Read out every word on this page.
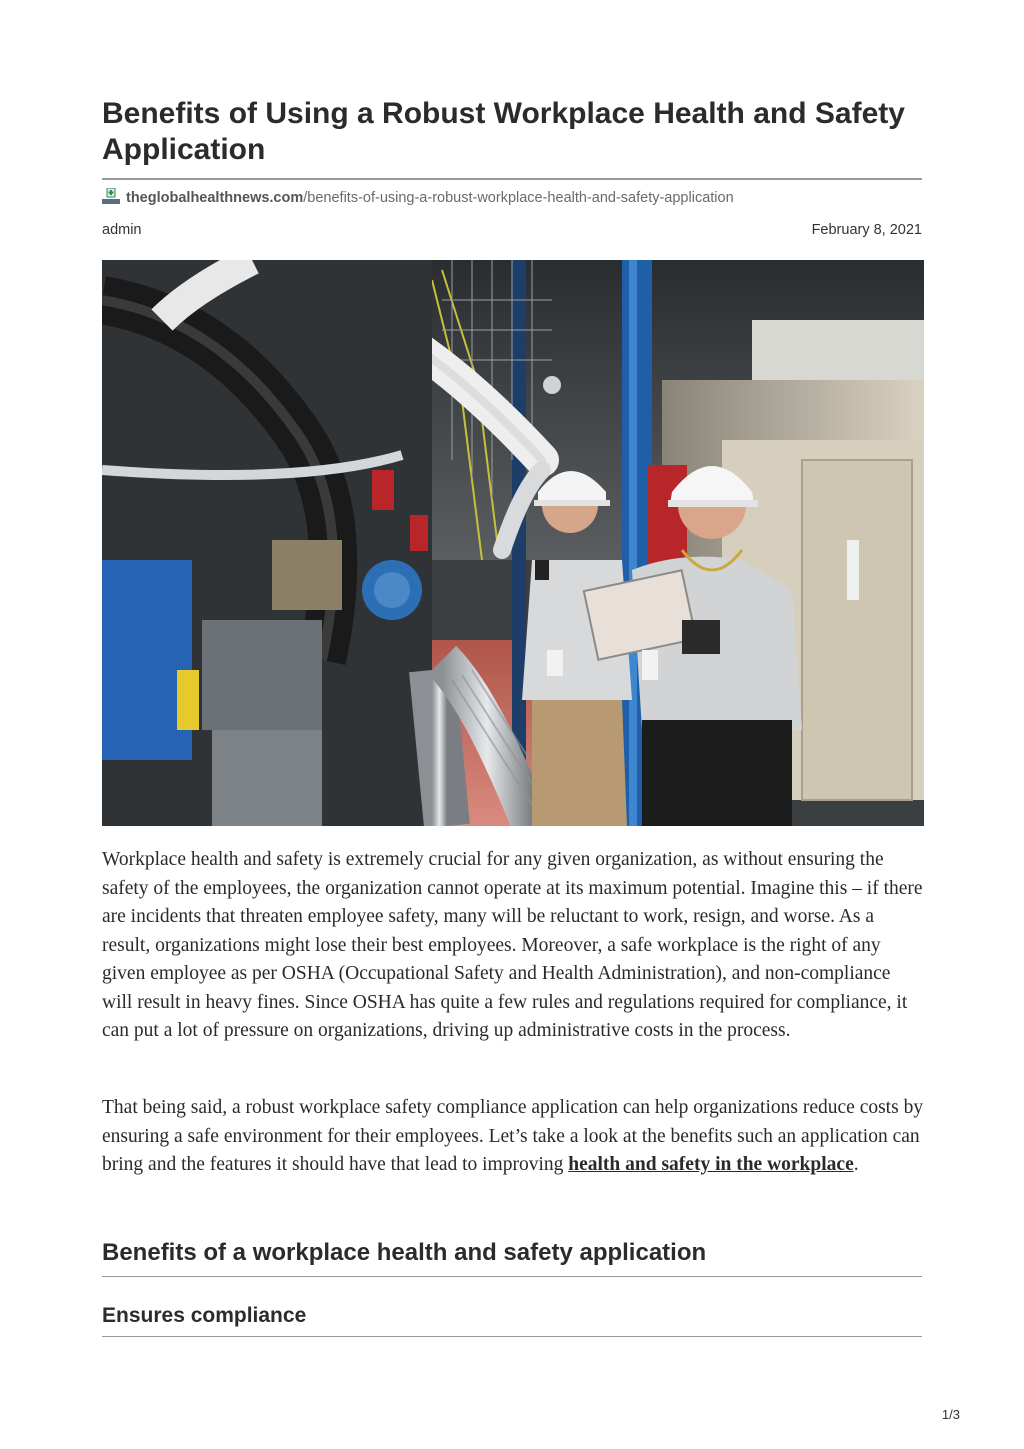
Benefits of Using a Robust Workplace Health and Safety Application
theglobalhealthnews.com/benefits-of-using-a-robust-workplace-health-and-safety-application
admin	February 8, 2021

Workplace health and safety is extremely crucial for any given organization, as without ensuring the safety of the employees, the organization cannot operate at its maximum potential. Imagine this – if there are incidents that threaten employee safety, many will be reluctant to work, resign, and worse. As a result, organizations might lose their best employees. Moreover, a safe workplace is the right of any given employee as per OSHA (Occupational Safety and Health Administration), and non-compliance will result in heavy fines. Since OSHA has quite a few rules and regulations required for compliance, it can put a lot of pressure on organizations, driving up administrative costs in the process.

That being said, a robust workplace safety compliance application can help organizations reduce costs by ensuring a safe environment for their employees. Let’s take a look at the benefits such an application can bring and the features it should have that lead to improving health and safety in the workplace.

Benefits of a workplace health and safety application
Ensures compliance
1/3
